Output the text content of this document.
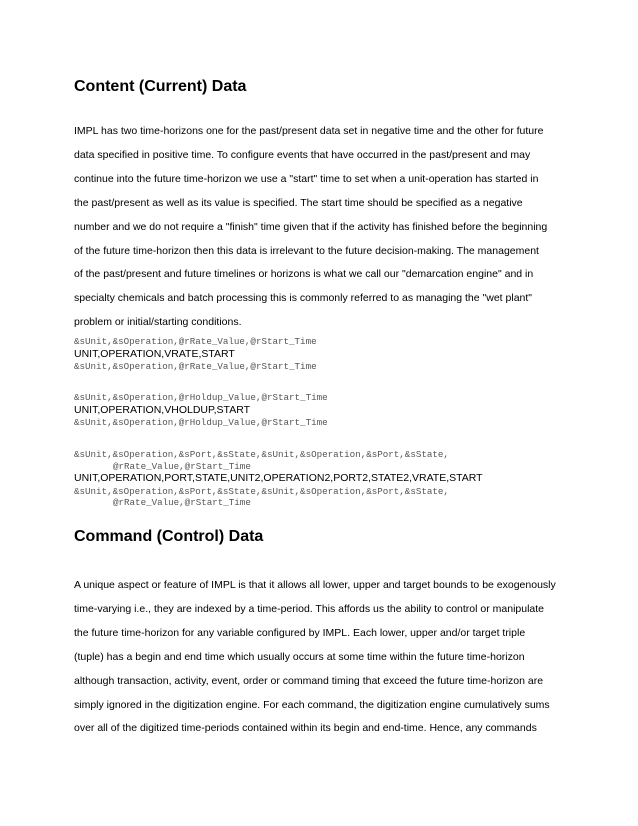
Content (Current) Data
IMPL has two time-horizons one for the past/present data set in negative time and the other for future
data specified in positive time. To configure events that have occurred in the past/present and may
continue into the future time-horizon we use a "start" time to set when a unit-operation has started in
the past/present as well as its value is specified. The start time should be specified as a negative
number and we do not require a "finish" time given that if the activity has finished before the beginning
of the future time-horizon then this data is irrelevant to the future decision-making. The management
of the past/present and future timelines or horizons is what we call our "demarcation engine" and in
specialty chemicals and batch processing this is commonly referred to as managing the "wet plant"
problem or initial/starting conditions.
&sUnit,&sOperation,@rRate_Value,@rStart_Time
UNIT,OPERATION,VRATE,START
&sUnit,&sOperation,@rRate_Value,@rStart_Time
&sUnit,&sOperation,@rHoldup_Value,@rStart_Time
UNIT,OPERATION,VHOLDUP,START
&sUnit,&sOperation,@rHoldup_Value,@rStart_Time
&sUnit,&sOperation,&sPort,&sState,&sUnit,&sOperation,&sPort,&sState,
@rRate_Value,@rStart_Time
UNIT,OPERATION,PORT,STATE,UNIT2,OPERATION2,PORT2,STATE2,VRATE,START
&sUnit,&sOperation,&sPort,&sState,&sUnit,&sOperation,&sPort,&sState,
@rRate_Value,@rStart_Time
Command (Control) Data
A unique aspect or feature of IMPL is that it allows all lower, upper and target bounds to be exogenously
time-varying i.e., they are indexed by a time-period. This affords us the ability to control or manipulate
the future time-horizon for any variable configured by IMPL. Each lower, upper and/or target triple
(tuple) has a begin and end time which usually occurs at some time within the future time-horizon
although transaction, activity, event, order or command timing that exceed the future time-horizon are
simply ignored in the digitization engine. For each command, the digitization engine cumulatively sums
over all of the digitized time-periods contained within its begin and end-time. Hence, any commands
